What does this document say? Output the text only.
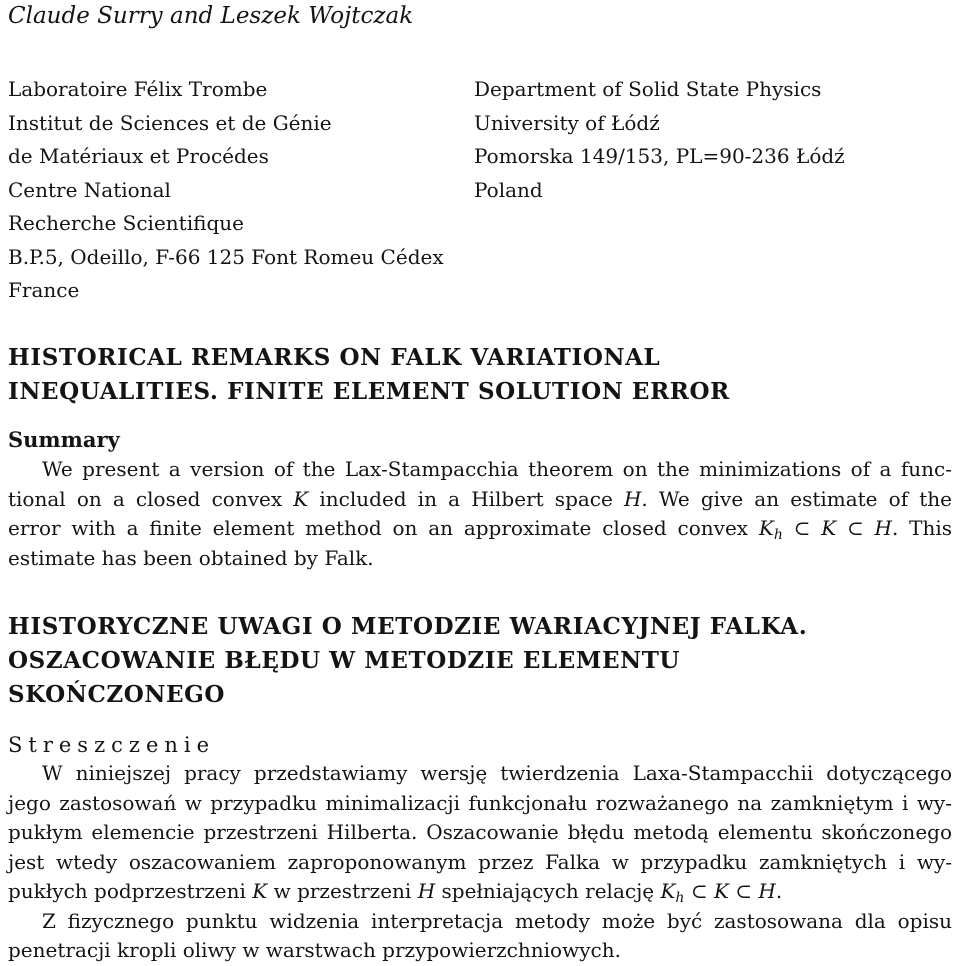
Claude Surry and Leszek Wojtczak
Laboratoire Félix Trombe
Institut de Sciences et de Génie
de Matériaux et Procédes
Centre National
Recherche Scientifique
B.P.5, Odeillo, F-66 125 Font Romeu Cédex
France
Department of Solid State Physics
University of Łódź
Pomorska 149/153, PL=90-236 Łódź
Poland
HISTORICAL REMARKS ON FALK VARIATIONAL
INEQUALITIES. FINITE ELEMENT SOLUTION ERROR
Summary
We present a version of the Lax-Stampacchia theorem on the minimizations of a func-
tional on a closed convex K included in a Hilbert space H. We give an estimate of the
error with a finite element method on an approximate closed convex $K_h$ ⊂ K ⊂ H. This
estimate has been obtained by Falk.
HISTORYCZNE UWAGI O METODZIE WARIACYJNEJ FALKA.
OSZACOWANIE BŁĘDU W METODZIE ELEMENTU
SKOŃCZONEGO
Streszczenie
W niniejszej pracy przedstawiamy wersję twierdzenia Laxa-Stampacchii dotyczącego
jego zastosowań w przypadku minimalizacji funkcjonału rozważanego na zamkniętym i wy-
pukłym elemencie przestrzeni Hilberta. Oszacowanie błędu metodą elementu skończonego
jest wtedy oszacowaniem zaproponowanym przez Falka w przypadku zamkniętych i wy-
pukłych podprzestrzeni K w przestrzeni H spełniających relację $K_h$ ⊂ K ⊂ H.
Z fizycznego punktu widzenia interpretacja metody może być zastosowana dla opisu
penetracji kropli oliwy w warstwach przypowierzchniowych.
